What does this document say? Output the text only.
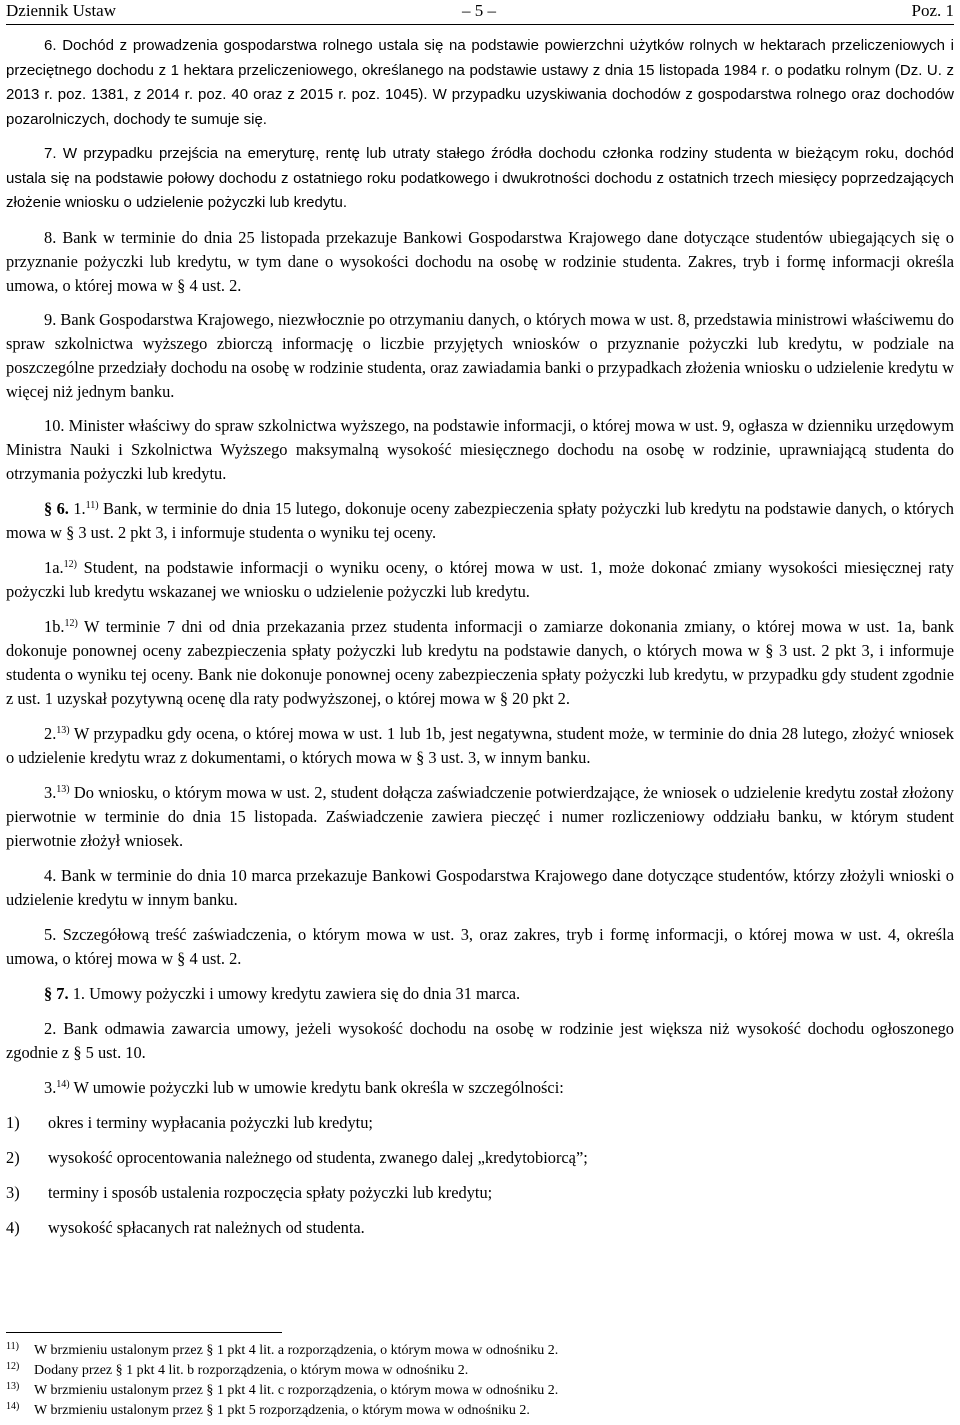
Dziennik Ustaw	– 5 –	Poz. 1

6. Dochód z prowadzenia gospodarstwa rolnego ustala się na podstawie powierzchni użytków rolnych w hektarach przeliczeniowych i przeciętnego dochodu z 1 hektara przeliczeniowego, określanego na podstawie ustawy z dnia 15 listopada 1984 r. o podatku rolnym (Dz. U. z 2013 r. poz. 1381, z 2014 r. poz. 40 oraz z 2015 r. poz. 1045). W przypadku uzyskiwania dochodów z gospodarstwa rolnego oraz dochodów pozarolniczych, dochody te sumuje się.

7. W przypadku przejścia na emeryturę, rentę lub utraty stałego źródła dochodu członka rodziny studenta w bieżącym roku, dochód ustala się na podstawie połowy dochodu z ostatniego roku podatkowego i dwukrotności dochodu z ostatnich trzech miesięcy poprzedzających złożenie wniosku o udzielenie pożyczki lub kredytu.

8. Bank w terminie do dnia 25 listopada przekazuje Bankowi Gospodarstwa Krajowego dane dotyczące studentów ubiegających się o przyznanie pożyczki lub kredytu, w tym dane o wysokości dochodu na osobę w rodzinie studenta. Zakres, tryb i formę informacji określa umowa, o której mowa w § 4 ust. 2.

9. Bank Gospodarstwa Krajowego, niezwłocznie po otrzymaniu danych, o których mowa w ust. 8, przedstawia ministrowi właściwemu do spraw szkolnictwa wyższego zbiorczą informację o liczbie przyjętych wniosków o przyznanie pożyczki lub kredytu, w podziale na poszczególne przedziały dochodu na osobę w rodzinie studenta, oraz zawiadamia banki o przypadkach złożenia wniosku o udzielenie kredytu w więcej niż jednym banku.

10. Minister właściwy do spraw szkolnictwa wyższego, na podstawie informacji, o której mowa w ust. 9, ogłasza w dzienniku urzędowym Ministra Nauki i Szkolnictwa Wyższego maksymalną wysokość miesięcznego dochodu na osobę w rodzinie, uprawniającą studenta do otrzymania pożyczki lub kredytu.

§ 6. 1.$^{11)}$ Bank, w terminie do dnia 15 lutego, dokonuje oceny zabezpieczenia spłaty pożyczki lub kredytu na podstawie danych, o których mowa w § 3 ust. 2 pkt 3, i informuje studenta o wyniku tej oceny.

1a.$^{12)}$ Student, na podstawie informacji o wyniku oceny, o której mowa w ust. 1, może dokonać zmiany wysokości miesięcznej raty pożyczki lub kredytu wskazanej we wniosku o udzielenie pożyczki lub kredytu.

1b.$^{12)}$ W terminie 7 dni od dnia przekazania przez studenta informacji o zamiarze dokonania zmiany, o której mowa w ust. 1a, bank dokonuje ponownej oceny zabezpieczenia spłaty pożyczki lub kredytu na podstawie danych, o których mowa w § 3 ust. 2 pkt 3, i informuje studenta o wyniku tej oceny. Bank nie dokonuje ponownej oceny zabezpieczenia spłaty pożyczki lub kredytu, w przypadku gdy student zgodnie z ust. 1 uzyskał pozytywną ocenę dla raty podwyższonej, o której mowa w § 20 pkt 2.

2.$^{13)}$ W przypadku gdy ocena, o której mowa w ust. 1 lub 1b, jest negatywna, student może, w terminie do dnia 28 lutego, złożyć wniosek o udzielenie kredytu wraz z dokumentami, o których mowa w § 3 ust. 3, w innym banku.

3.$^{13)}$ Do wniosku, o którym mowa w ust. 2, student dołącza zaświadczenie potwierdzające, że wniosek o udzielenie kredytu został złożony pierwotnie w terminie do dnia 15 listopada. Zaświadczenie zawiera pieczęć i numer rozliczeniowy oddziału banku, w którym student pierwotnie złożył wniosek.

4. Bank w terminie do dnia 10 marca przekazuje Bankowi Gospodarstwa Krajowego dane dotyczące studentów, którzy złożyli wnioski o udzielenie kredytu w innym banku.

5. Szczegółową treść zaświadczenia, o którym mowa w ust. 3, oraz zakres, tryb i formę informacji, o której mowa w ust. 4, określa umowa, o której mowa w § 4 ust. 2.

§ 7. 1. Umowy pożyczki i umowy kredytu zawiera się do dnia 31 marca.

2. Bank odmawia zawarcia umowy, jeżeli wysokość dochodu na osobę w rodzinie jest większa niż wysokość dochodu ogłoszonego zgodnie z § 5 ust. 10.

3.$^{14)}$ W umowie pożyczki lub w umowie kredytu bank określa w szczególności:

1)	okres i terminy wypłacania pożyczki lub kredytu;
2)	wysokość oprocentowania należnego od studenta, zwanego dalej „kredytobiorcą”;
3)	terminy i sposób ustalenia rozpoczęcia spłaty pożyczki lub kredytu;
4)	wysokość spłacanych rat należnych od studenta.
11) W brzmieniu ustalonym przez § 1 pkt 4 lit. a rozporządzenia, o którym mowa w odnośniku 2.
12) Dodany przez § 1 pkt 4 lit. b rozporządzenia, o którym mowa w odnośniku 2.
13) W brzmieniu ustalonym przez § 1 pkt 4 lit. c rozporządzenia, o którym mowa w odnośniku 2.
14) W brzmieniu ustalonym przez § 1 pkt 5 rozporządzenia, o którym mowa w odnośniku 2.
